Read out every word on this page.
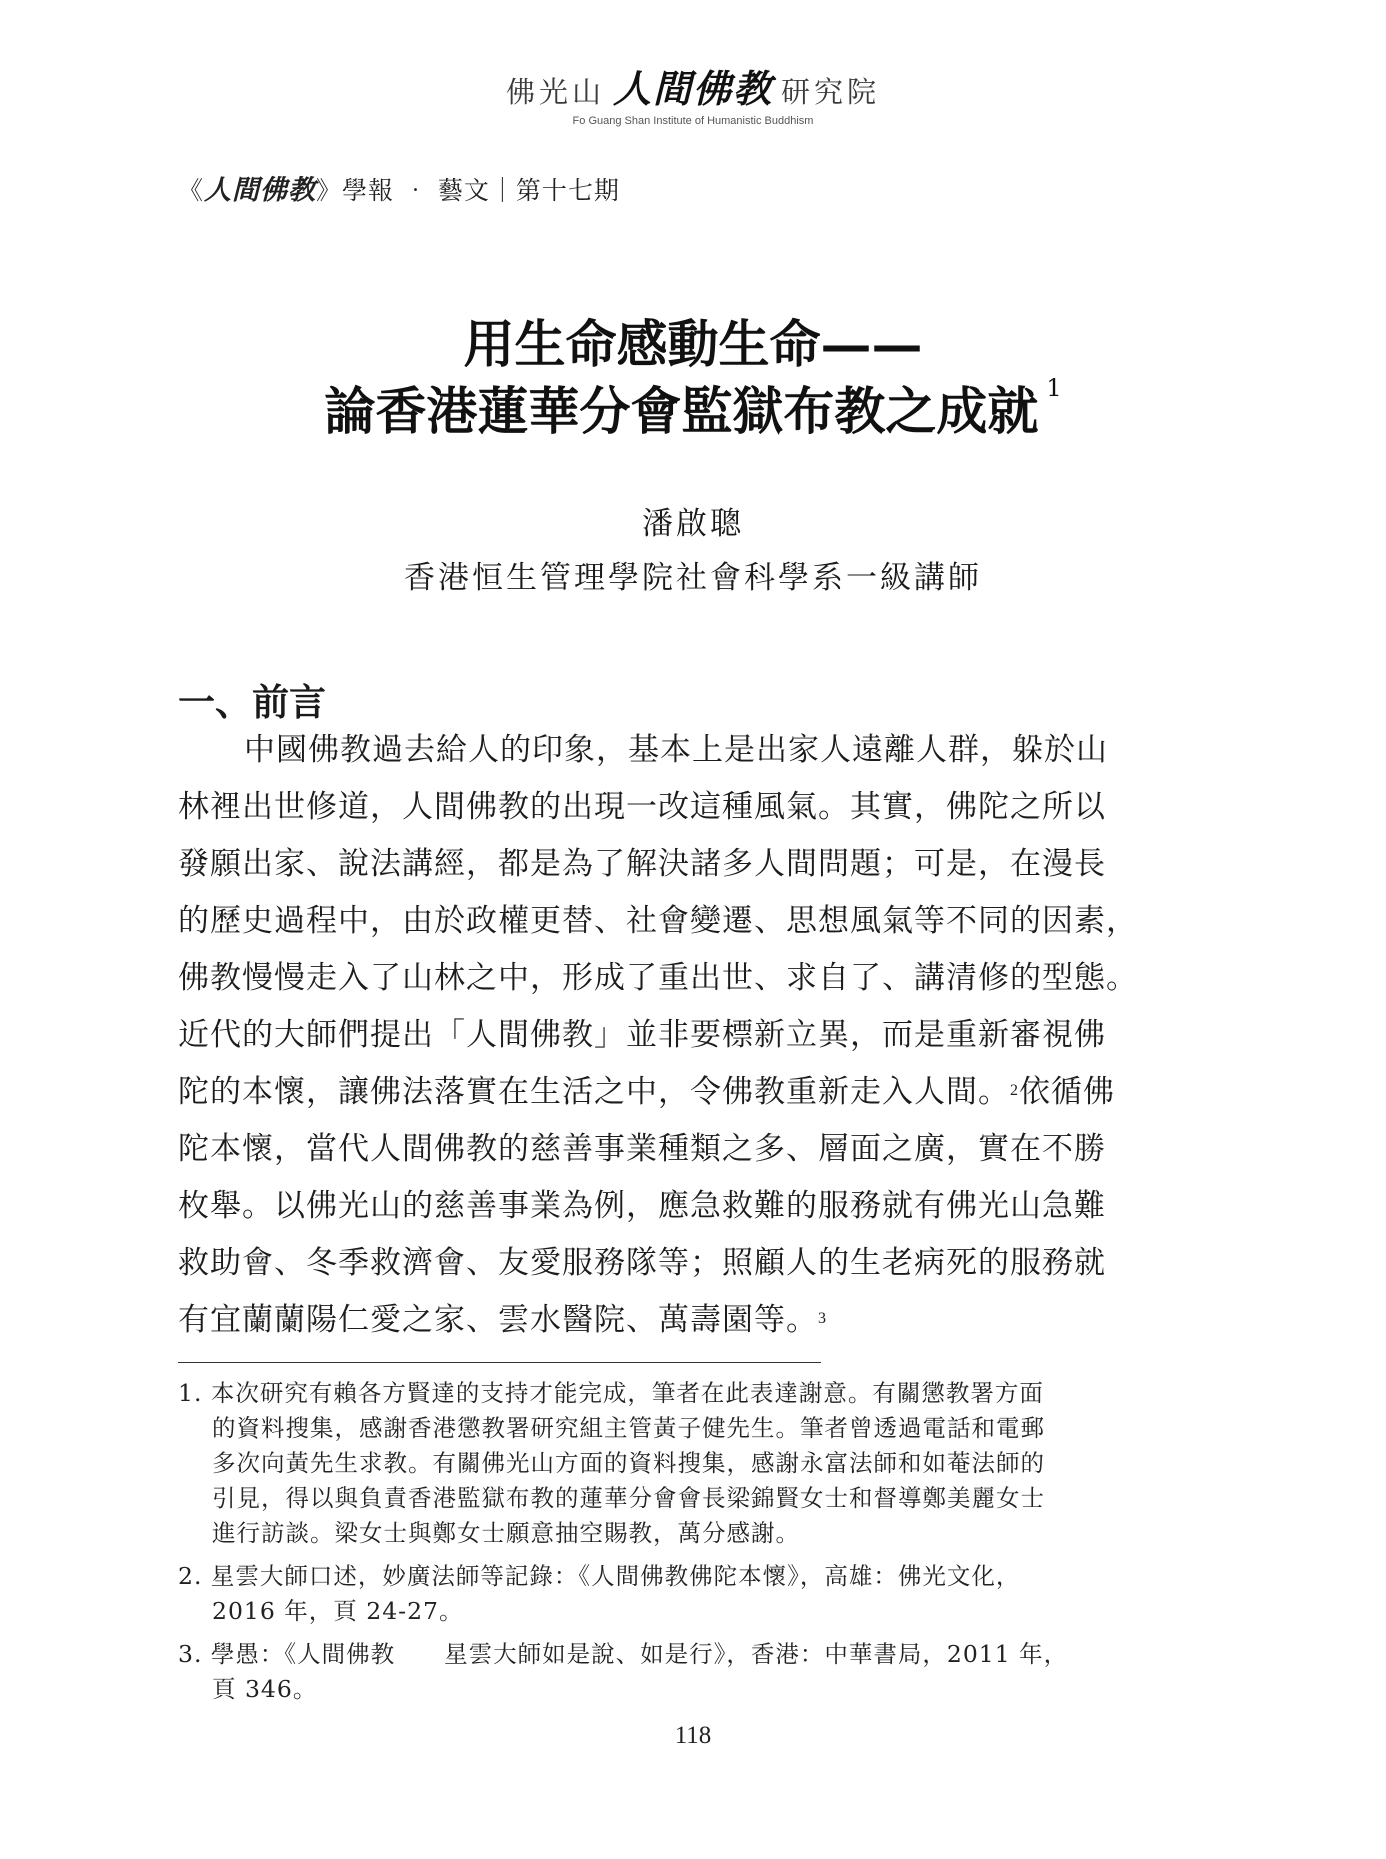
佛光山 人間佛教 研究院
Fo Guang Shan Institute of Humanistic Buddhism
《人間佛教》學報 ‧ 藝文｜第十七期
用生命感動生命——
論香港蓮華分會監獄布教之成就 $^1$
潘啟聰
香港恒生管理學院社會科學系一級講師
一、前言
中國佛教過去給人的印象，基本上是出家人遠離人群，躲於山
林裡出世修道，人間佛教的出現一改這種風氣。其實，佛陀之所以
發願出家、說法講經，都是為了解決諸多人間問題；可是，在漫長
的歷史過程中，由於政權更替、社會變遷、思想風氣等不同的因素，
佛教慢慢走入了山林之中，形成了重出世、求自了、講清修的型態。
近代的大師們提出「人間佛教」並非要標新立異，而是重新審視佛
陀的本懷，讓佛法落實在生活之中，令佛教重新走入人間。$^2$依循佛
陀本懷，當代人間佛教的慈善事業種類之多、層面之廣，實在不勝
枚舉。以佛光山的慈善事業為例，應急救難的服務就有佛光山急難
救助會、冬季救濟會、友愛服務隊等；照顧人的生老病死的服務就
有宜蘭蘭陽仁愛之家、雲水醫院、萬壽園等。$^3$
1. 本次研究有賴各方賢達的支持才能完成，筆者在此表達謝意。有關懲教署方面
的資料搜集，感謝香港懲教署研究組主管黃子健先生。筆者曾透過電話和電郵
多次向黃先生求教。有關佛光山方面的資料搜集，感謝永富法師和如菴法師的
引見，得以與負責香港監獄布教的蓮華分會會長梁錦賢女士和督導鄭美麗女士
進行訪談。梁女士與鄭女士願意抽空賜教，萬分感謝。
2. 星雲大師口述，妙廣法師等記錄：《人間佛教佛陀本懷》，高雄：佛光文化，
2016 年，頁 24-27。
3. 學愚：《人間佛教　　星雲大師如是說、如是行》，香港：中華書局，2011 年，
頁 346。
118
